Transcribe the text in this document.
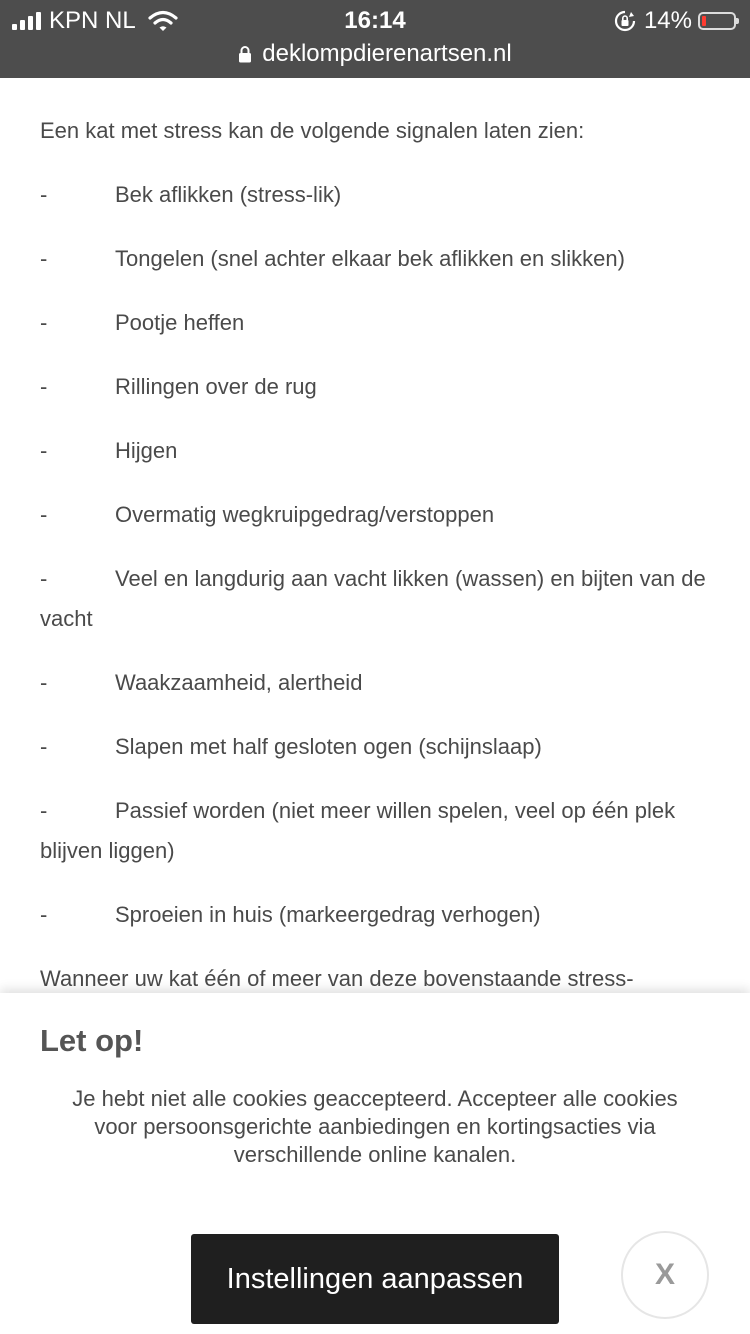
Een kat met stress kan de volgende signalen laten zien:

-	Bek aflikken (stress-lik)

-	Tongelen (snel achter elkaar bek aflikken en slikken)

-	Pootje heffen

-	Rillingen over de rug

-	Hijgen

-	Overmatig wegkruipgedrag/verstoppen

-	Veel en langdurig aan vacht likken (wassen) en bijten van de vacht

-	Waakzaamheid, alertheid

-	Slapen met half gesloten ogen (schijnslaap)

-	Passief worden (niet meer willen spelen, veel op één plek blijven liggen)

-	Sproeien in huis (markeergedrag verhogen)

Wanneer uw kat één of meer van deze bovenstaande stress-

KPN NL	16:14	14%
deklompdierenartsen.nl
Let op!

Je hebt niet alle cookies geaccepteerd. Accepteer alle cookies voor persoonsgerichte aanbiedingen en kortingsacties via verschillende online kanalen.

Instellingen aanpassen	X
